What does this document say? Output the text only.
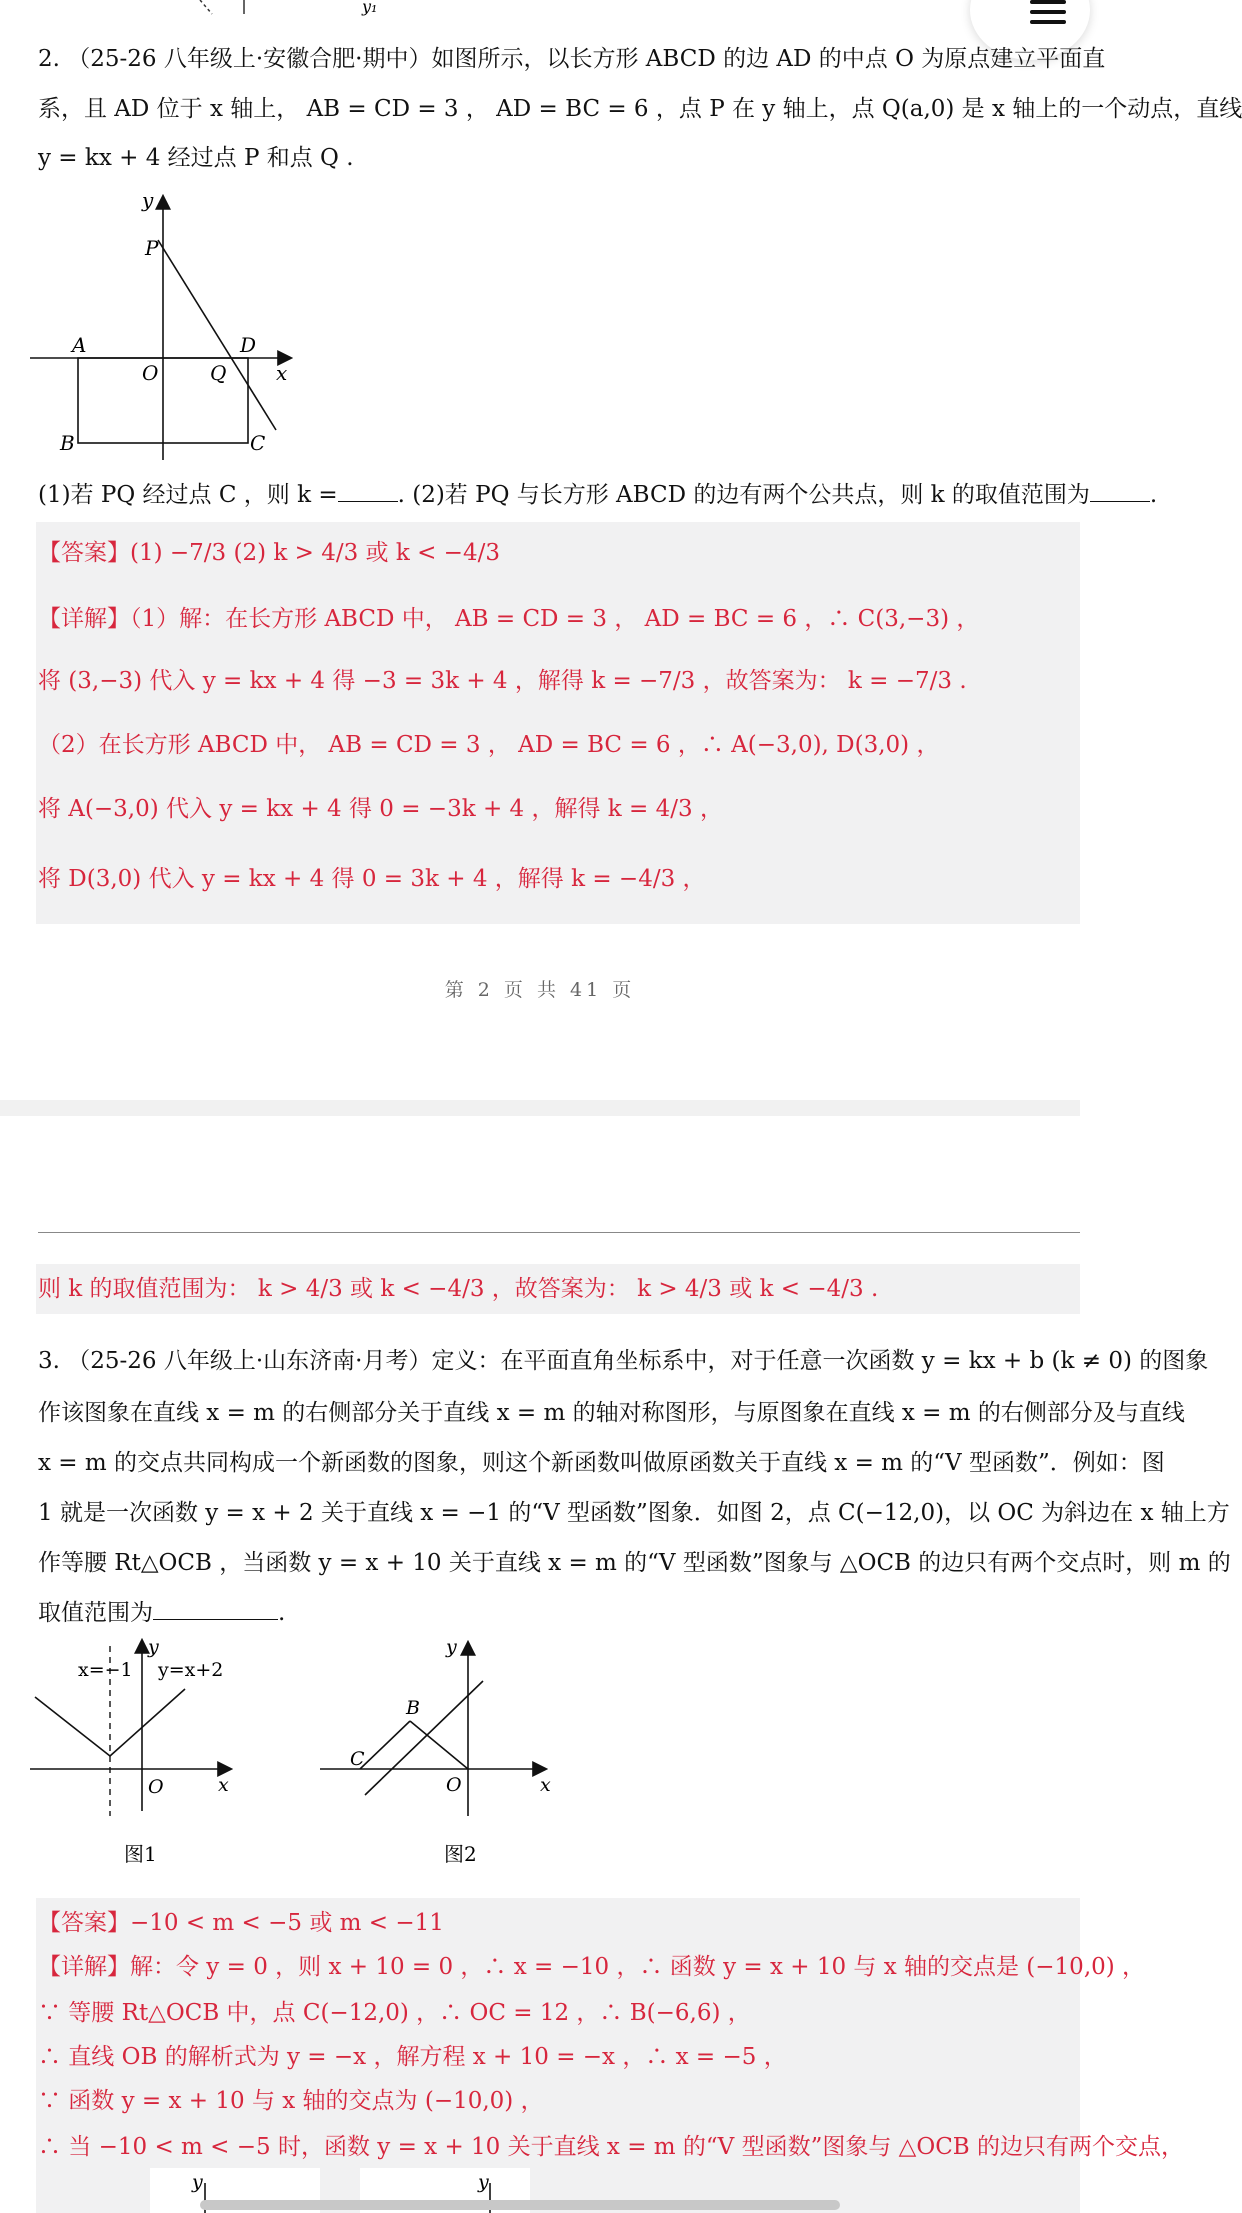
y₁
2. （25-26 八年级上·安徽合肥·期中）如图所示，以长方形 ABCD 的边 AD 的中点 O 为原点建立平面直
系，且 AD 位于 x 轴上， AB = CD = 3 ， AD = BC = 6 ，点 P 在 y 轴上，点 Q(a,0) 是 x 轴上的一个动点，直线
y = kx + 4 经过点 P 和点 Q .
y
P
A	D
O	Q x
B	C
(1)若 PQ 经过点 C ，则 k =	. (2)若 PQ 与长方形 ABCD 的边有两个公共点，则 k 的取值范围为	.
【答案】(1) −7/3 (2) k > 4/3 或 k < −4/3
【详解】（1）解：在长方形 ABCD 中， AB = CD = 3 ， AD = BC = 6 ，∴ C(3,−3) ，
将 (3,−3) 代入 y = kx + 4 得 −3 = 3k + 4 ，解得 k = −7/3 ，故答案为： k = −7/3 .
（2）在长方形 ABCD 中， AB = CD = 3 ， AD = BC = 6 ，∴ A(−3,0), D(3,0) ，
将 A(−3,0) 代入 y = kx + 4 得 0 = −3k + 4 ，解得 k = 4/3 ，
将 D(3,0) 代入 y = kx + 4 得 0 = 3k + 4 ，解得 k = −4/3 ，
第 2 页 共 41 页
则 k 的取值范围为： k > 4/3 或 k < −4/3 ，故答案为： k > 4/3 或 k < −4/3 .
3. （25-26 八年级上·山东济南·月考）定义：在平面直角坐标系中，对于任意一次函数 y = kx + b (k ≠ 0) 的图象
作该图象在直线 x = m 的右侧部分关于直线 x = m 的轴对称图形，与原图象在直线 x = m 的右侧部分及与直线
x = m 的交点共同构成一个新函数的图象，则这个新函数叫做原函数关于直线 x = m 的“V 型函数”．例如：图
1 就是一次函数 y = x + 2 关于直线 x = −1 的“V 型函数”图象．如图 2，点 C(−12,0)，以 OC 为斜边在 x 轴上方
作等腰 Rt△OCB ，当函数 y = x + 10 关于直线 x = m 的“V 型函数”图象与 △OCB 的边只有两个交点时，则 m 的
取值范围为	.
x=−1
y
y=x+2
O	x
图1
y
B
C
O	x
图2
【答案】−10 < m < −5 或 m < −11
【详解】解：令 y = 0 ，则 x + 10 = 0 ，∴ x = −10 ，∴ 函数 y = x + 10 与 x 轴的交点是 (−10,0) ，
∵ 等腰 Rt△OCB 中，点 C(−12,0) ，∴ OC = 12 ，∴ B(−6,6) ，
∴ 直线 OB 的解析式为 y = −x ，解方程 x + 10 = −x ，∴ x = −5 ，
∵ 函数 y = x + 10 与 x 轴的交点为 (−10,0) ，
∴ 当 −10 < m < −5 时，函数 y = x + 10 关于直线 x = m 的“V 型函数”图象与 △OCB 的边只有两个交点，
y	y
